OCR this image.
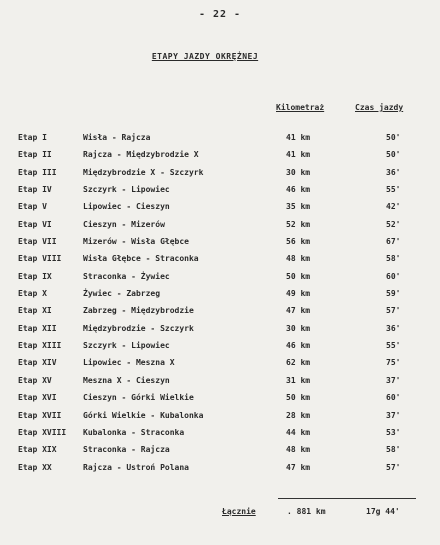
- 22 -
ETAPY JAZDY OKRĘŻNEJ
Kilometraż	Czas jazdy
Etap I	Wisła - Rajcza	41 km	50'
Etap II	Rajcza - Międzybrodzie X	41 km	50'
Etap III	Międzybrodzie X - Szczyrk	30 km	36'
Etap IV	Szczyrk - Lipowiec	46 km	55'
Etap V	Lipowiec - Cieszyn	35 km	42'
Etap VI	Cieszyn - Mizerów	52 km	52'
Etap VII	Mizerów - Wisła Głębce	56 km	67'
Etap VIII	Wisła Głębce - Straconka	48 km	58'
Etap IX	Straconka - Żywiec	50 km	60'
Etap X	Żywiec - Zabrzeg	49 km	59'
Etap XI	Zabrzeg - Międzybrodzie	47 km	57'
Etap XII	Międzybrodzie - Szczyrk	30 km	36'
Etap XIII	Szczyrk - Lipowiec	46 km	55'
Etap XIV	Lipowiec - Mesznа X	62 km	75'
Etap XV	Meszna X - Cieszyn	31 km	37'
Etap XVI	Cieszyn - Górki Wielkie	50 km	60'
Etap XVII	Górki Wielkie - Kubalonka	28 km	37'
Etap XVIII Kubalonka - Straconka	44 km	53'
Etap XIX	Straconka - Rajcza	48 km	58'
Etap XX	Rajcza - Ustroń Polana	47 km	57'
Łącznie	. 881 km	17g 44'
